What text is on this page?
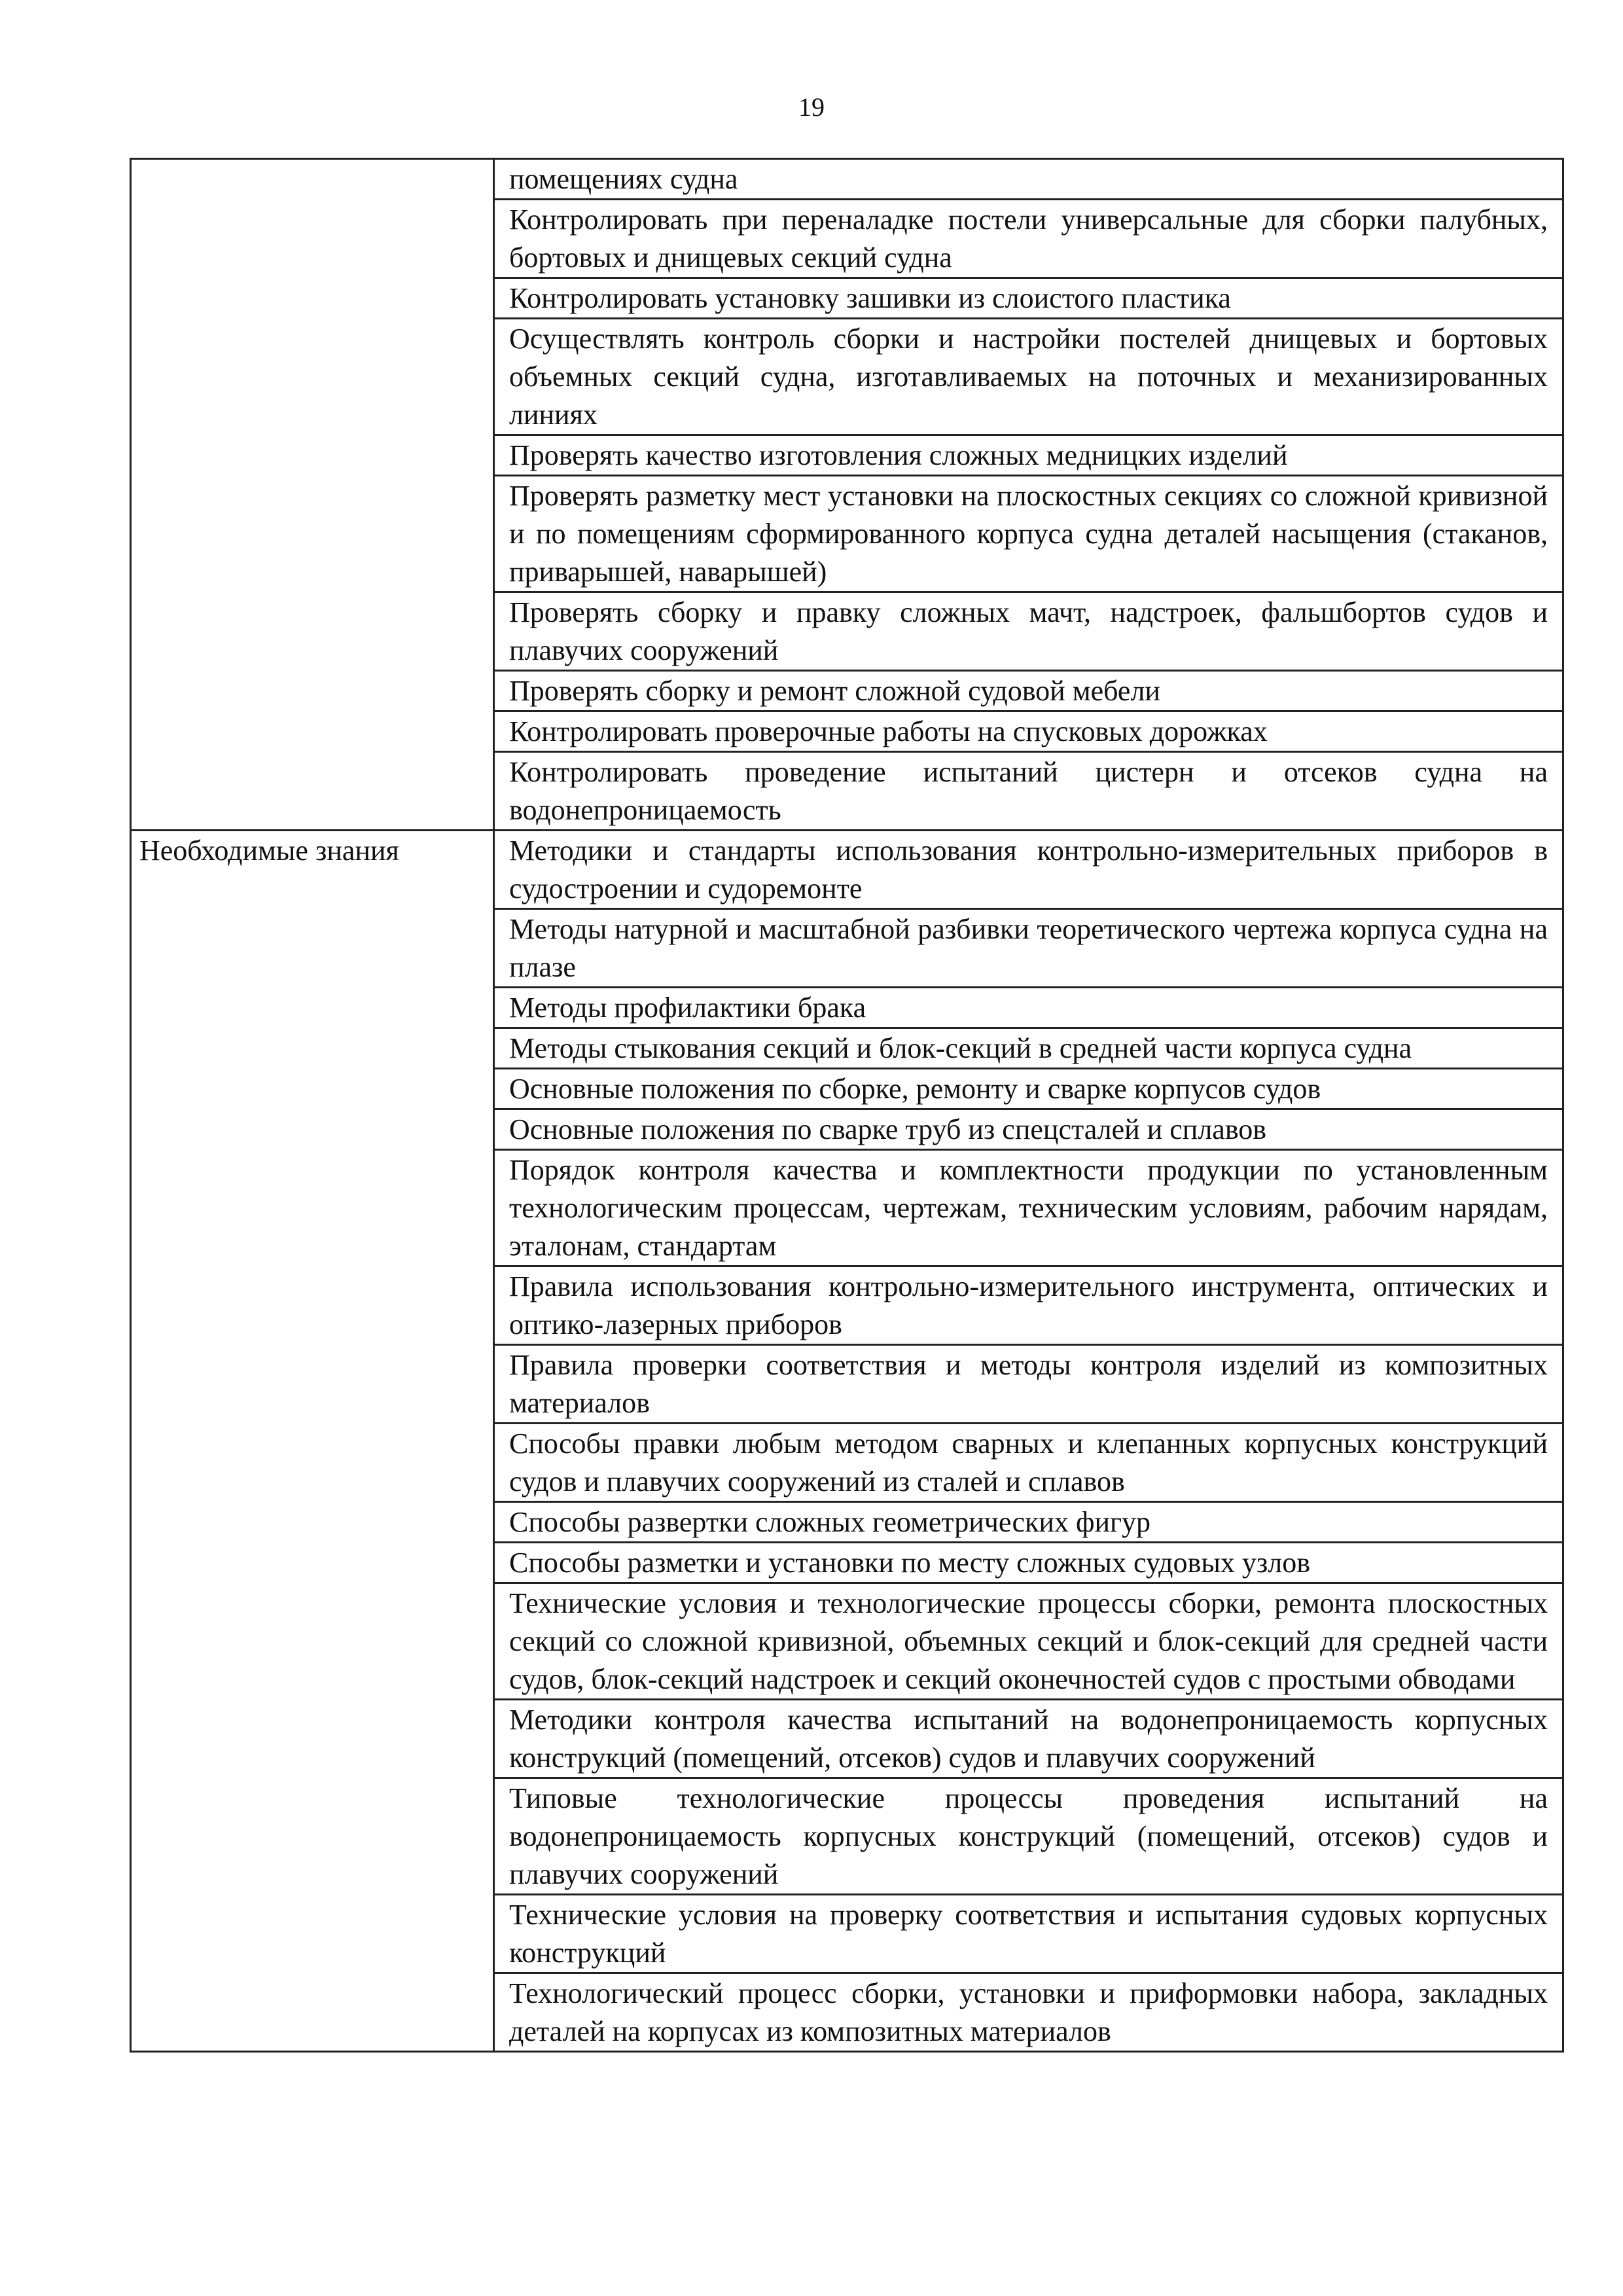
19
	помещениях судна
	Контролировать при переналадке постели универсальные для сборки палубных, бортовых и днищевых секций судна
	Контролировать установку зашивки из слоистого пластика
	Осуществлять контроль сборки и настройки постелей днищевых и бортовых объемных секций судна, изготавливаемых на поточных и механизированных линиях
	Проверять качество изготовления сложных медницких изделий
	Проверять разметку мест установки на плоскостных секциях со сложной кривизной и по помещениям сформированного корпуса судна деталей насыщения (стаканов, приварышей, наварышей)
	Проверять сборку и правку сложных мачт, надстроек, фальшбортов судов и плавучих сооружений
	Проверять сборку и ремонт сложной судовой мебели
	Контролировать проверочные работы на спусковых дорожках
	Контролировать проведение испытаний цистерн и отсеков судна на водонепроницаемость
Необходимые знания	Методики и стандарты использования контрольно-измерительных приборов в судостроении и судоремонте
	Методы натурной и масштабной разбивки теоретического чертежа корпуса судна на плазе
	Методы профилактики брака
	Методы стыкования секций и блок-секций в средней части корпуса судна
	Основные положения по сборке, ремонту и сварке корпусов судов
	Основные положения по сварке труб из спецсталей и сплавов
	Порядок контроля качества и комплектности продукции по установленным технологическим процессам, чертежам, техническим условиям, рабочим нарядам, эталонам, стандартам
	Правила использования контрольно-измерительного инструмента, оптических и оптико-лазерных приборов
	Правила проверки соответствия и методы контроля изделий из композитных материалов
	Способы правки любым методом сварных и клепанных корпусных конструкций судов и плавучих сооружений из сталей и сплавов
	Способы развертки сложных геометрических фигур
	Способы разметки и установки по месту сложных судовых узлов
	Технические условия и технологические процессы сборки, ремонта плоскостных секций со сложной кривизной, объемных секций и блок-секций для средней части судов, блок-секций надстроек и секций оконечностей судов с простыми обводами
	Методики контроля качества испытаний на водонепроницаемость корпусных конструкций (помещений, отсеков) судов и плавучих сооружений
	Типовые технологические процессы проведения испытаний на водонепроницаемость корпусных конструкций (помещений, отсеков) судов и плавучих сооружений
	Технические условия на проверку соответствия и испытания судовых корпусных конструкций
	Технологический процесс сборки, установки и приформовки набора, закладных деталей на корпусах из композитных материалов
